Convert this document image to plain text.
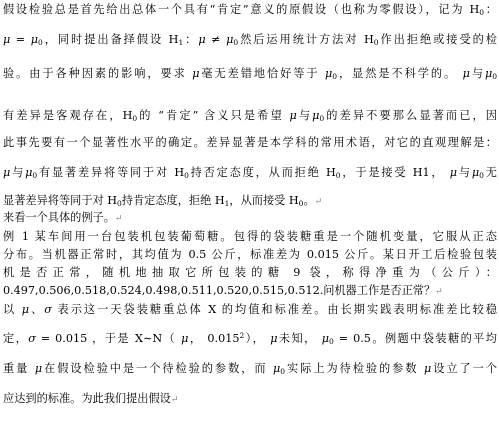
假设检验总是首先给出总体一个具有“肯定”意义的原假设（也称为零假设），记为 $H_0$：
$\mu = \mu_0$，同时提出备择假设 $H_1$：$\mu \ne \mu_0$然后运用统计方法对 $H_0$作出拒绝或接受的检
验。由于各种因素的影响，要求 μ毫无差错地恰好等于 $\mu_0$，显然是不科学的。 μ与$\mu_0$
有差异是客观存在，$H_0$的 “肯定” 含义只是希望 μ与$\mu_0$的差异不要那么显著而已，因
此事先要有一个显著性水平的确定。差异显著是本学科的常用术语，对它的直观理解是：
μ与$\mu_0$有显著差异将等同于对 $H_0$持否定态度，从而拒绝 $H_0$，于是接受 H1， μ与$\mu_0$无
显著差异将等同于对 $H_0$持肯定态度，拒绝 $H_1$，从而接受 $H_0$。↵
来看一个具体的例子。↵
例 1 某车间用一台包装机包装葡萄糖。包得的袋装糖重是一个随机变量，它服从正态
分布。当机器正常时，其均值为 0.5 公斤，标准差为 0.015 公斤。某日开工后检验包装
机是否正常，随机地抽取它所包装的糖 9 袋，称得净重为（公斤）：
0.497,0.506,0.518,0.524,0.498,0.511,0.520,0.515,0.512.问机器工作是否正常？↵
以 μ、σ 表示这一天袋装糖重总体 X 的均值和标准差。由长期实践表明标准差比较稳
定，σ = 0.015 ，于是 X∼N（ μ， 0.015$^2$）， μ未知， $\mu_0 = 0.5$。例题中袋装糖的平均
重量 μ在假设检验中是一个待检验的参数，而 $\mu_0$实际上为待检验的参数 μ设立了一个
应达到的标准。为此我们提出假设↵
